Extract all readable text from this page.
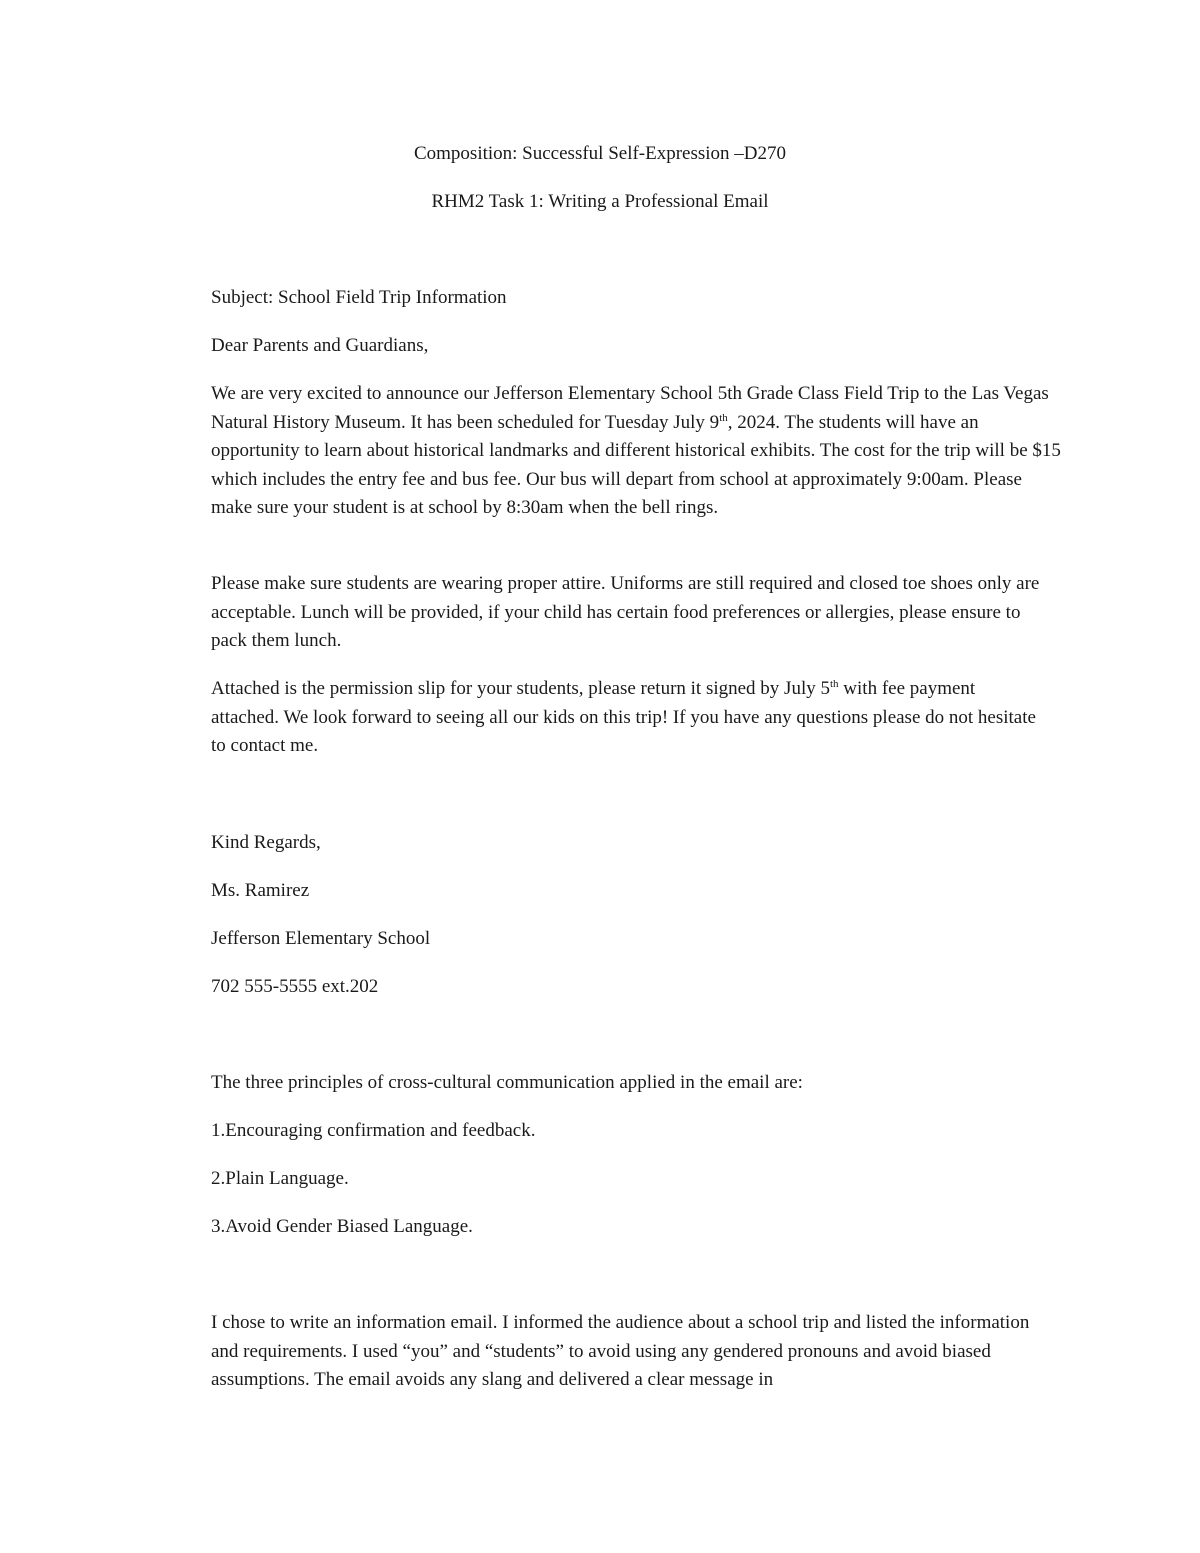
Composition: Successful Self-Expression –D270
RHM2 Task 1: Writing a Professional Email
Subject: School Field Trip Information
Dear Parents and Guardians,
We are very excited to announce our Jefferson Elementary School 5th Grade Class Field Trip to the Las Vegas Natural History Museum. It has been scheduled for Tuesday July 9th, 2024. The students will have an opportunity to learn about historical landmarks and different historical exhibits. The cost for the trip will be $15 which includes the entry fee and bus fee. Our bus will depart from school at approximately 9:00am. Please make sure your student is at school by 8:30am when the bell rings.
Please make sure students are wearing proper attire. Uniforms are still required and closed toe shoes only are acceptable. Lunch will be provided, if your child has certain food preferences or allergies, please ensure to pack them lunch.
Attached is the permission slip for your students, please return it signed by July 5th with fee payment attached. We look forward to seeing all our kids on this trip! If you have any questions please do not hesitate to contact me.
Kind Regards,
Ms. Ramirez
Jefferson Elementary School
702 555-5555 ext.202
The three principles of cross-cultural communication applied in the email are:
1.Encouraging confirmation and feedback.
2.Plain Language.
3.Avoid Gender Biased Language.
I chose to write an information email. I informed the audience about a school trip and listed the information and requirements. I used “you” and “students” to avoid using any gendered pronouns and avoid biased assumptions. The email avoids any slang and delivered a clear message in
